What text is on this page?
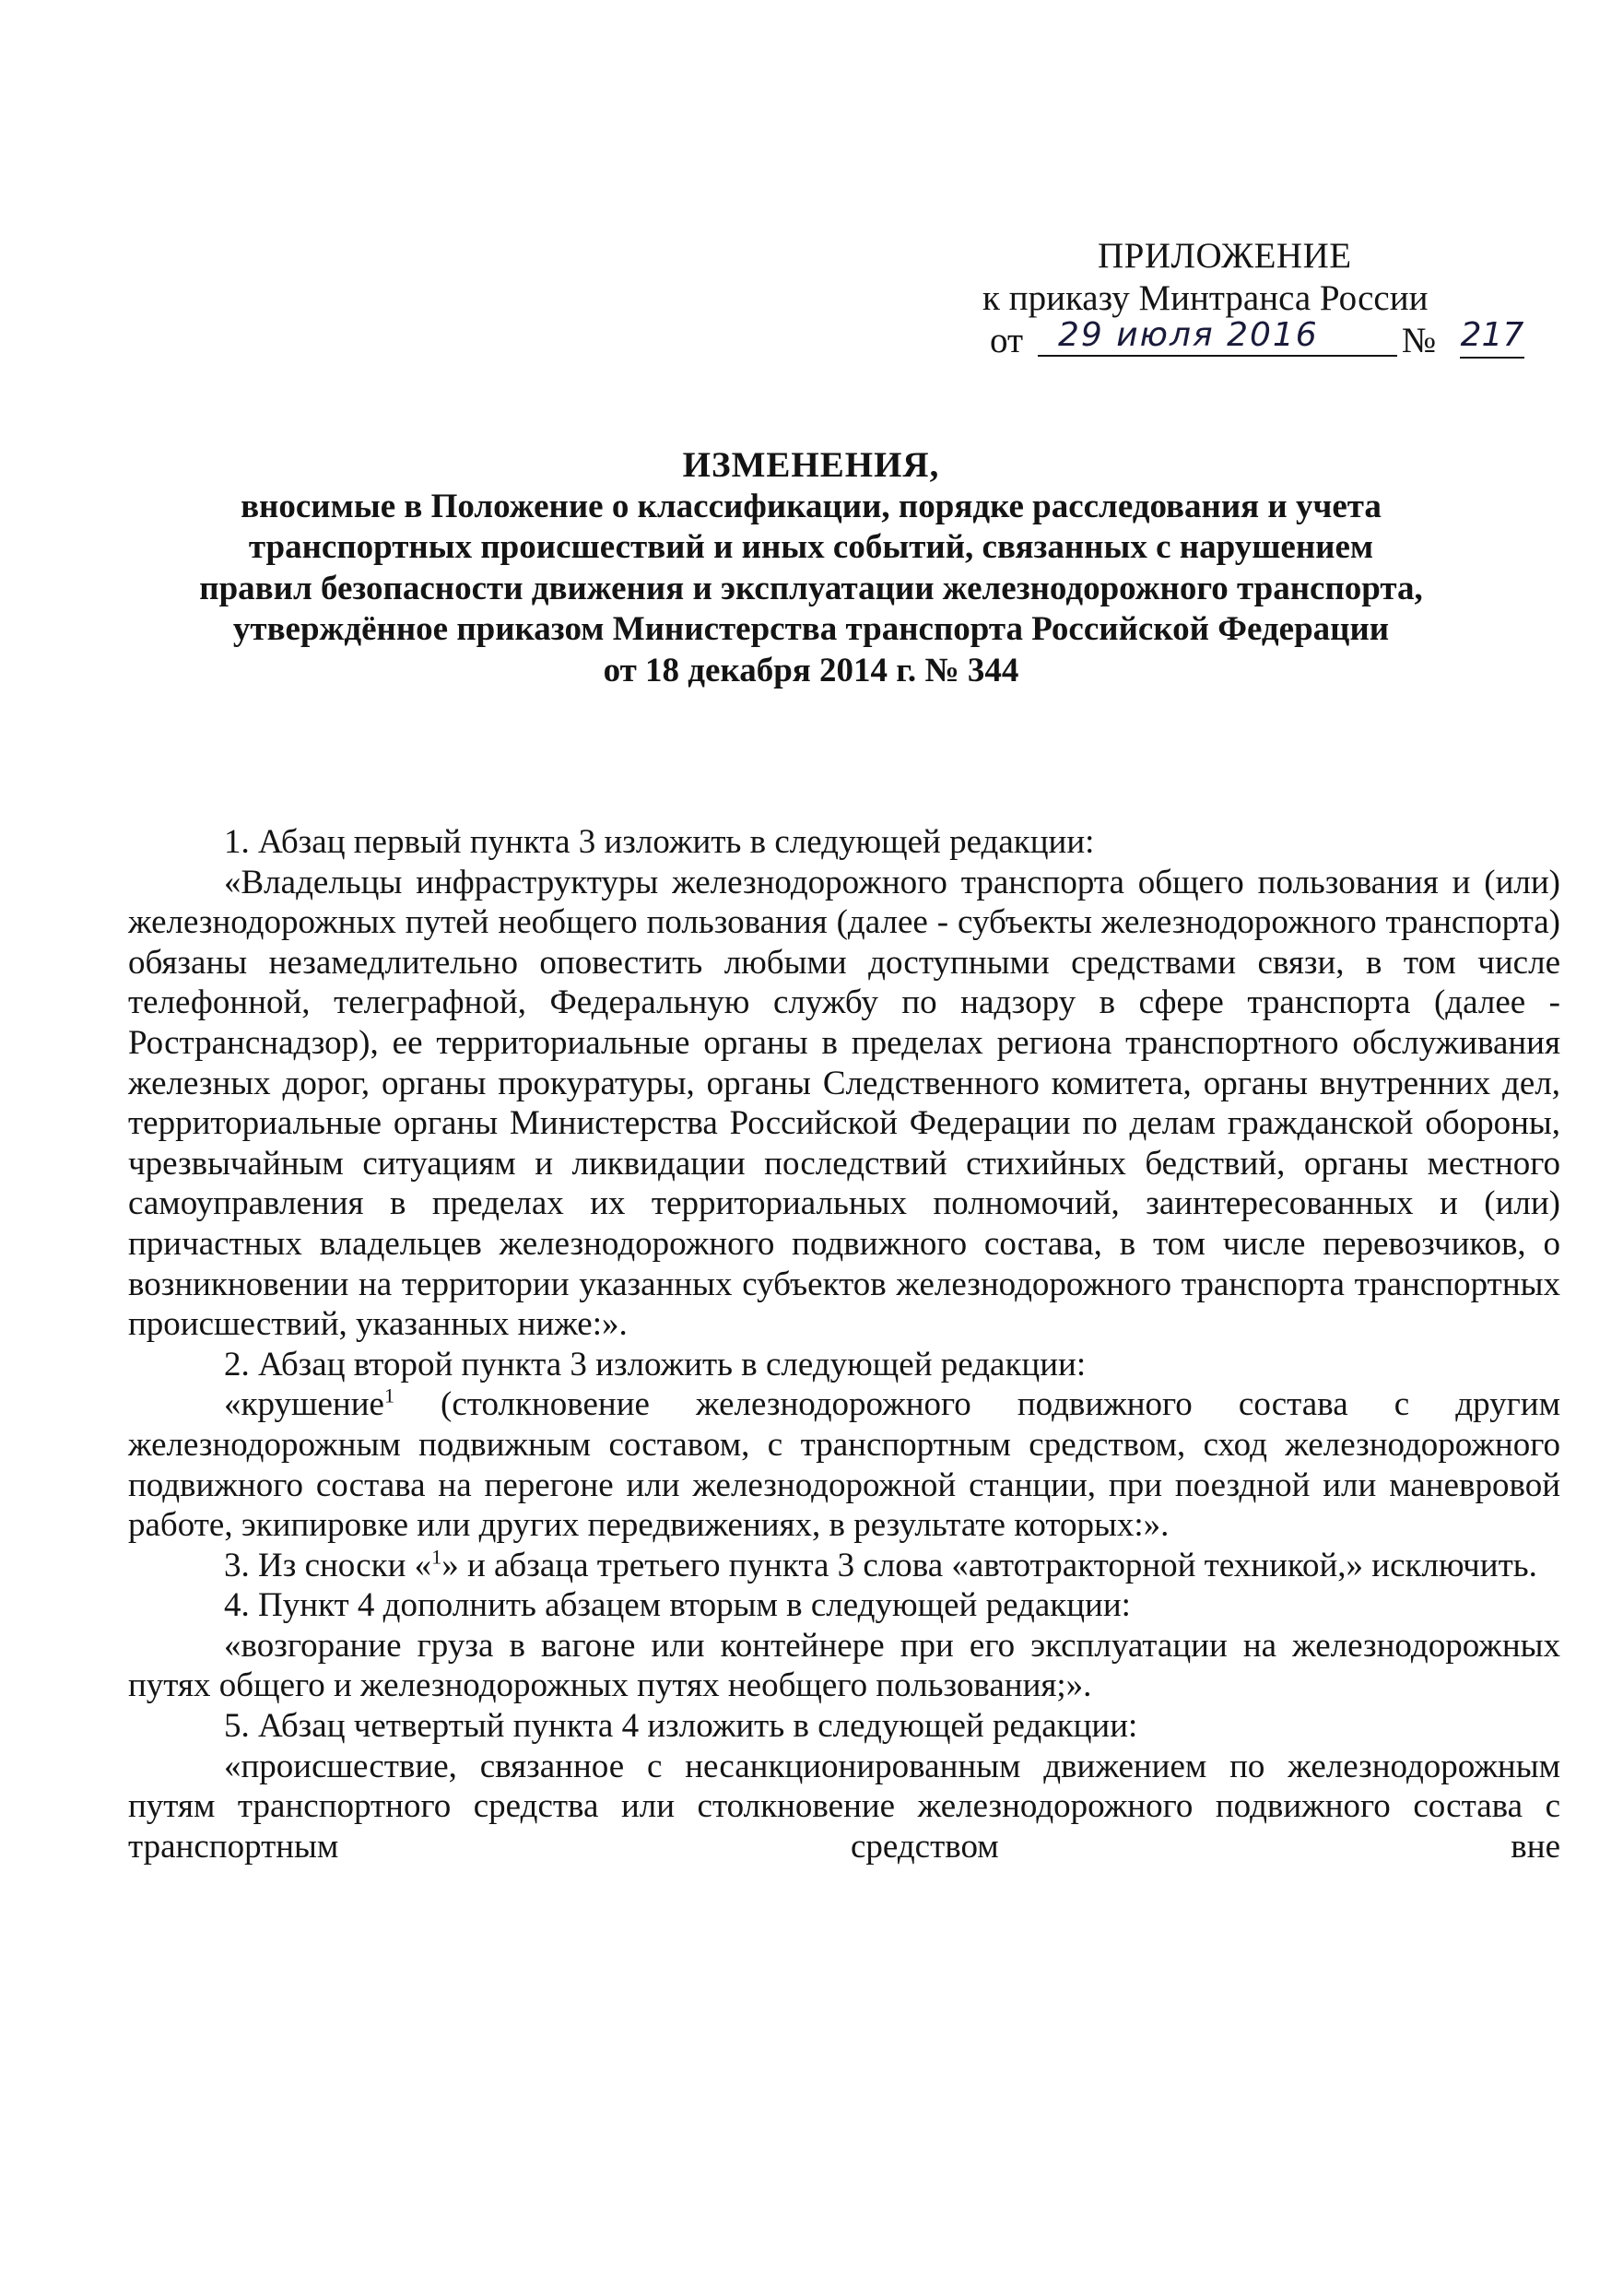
ПРИЛОЖЕНИЕ
к приказу Минтранса России
от	29 июля 2016	№ 217
ИЗМЕНЕНИЯ,
вносимые в Положение о классификации, порядке расследования и учета
транспортных происшествий и иных событий, связанных с нарушением
правил безопасности движения и эксплуатации железнодорожного транспорта,
утверждённое приказом Министерства транспорта Российской Федерации
от 18 декабря 2014 г. № 344

1. Абзац первый пункта 3 изложить в следующей редакции:

«Владельцы инфраструктуры железнодорожного транспорта общего пользования и (или) железнодорожных путей необщего пользования (далее - субъекты железнодорожного транспорта) обязаны незамедлительно оповестить любыми доступными средствами связи, в том числе телефонной, телеграфной, Федеральную службу по надзору в сфере транспорта (далее - Ространснадзор), ее территориальные органы в пределах региона транспортного обслуживания железных дорог, органы прокуратуры, органы Следственного комитета, органы внутренних дел, территориальные органы Министерства Российской Федерации по делам гражданской обороны, чрезвычайным ситуациям и ликвидации последствий стихийных бедствий, органы местного самоуправления в пределах их территориальных полномочий, заинтересованных и (или) причастных владельцев железнодорожного подвижного состава, в том числе перевозчиков, о возникновении на территории указанных субъектов железнодорожного транспорта транспортных происшествий, указанных ниже:».

2. Абзац второй пункта 3 изложить в следующей редакции:

«крушение$^1$ (столкновение железнодорожного подвижного состава с другим железнодорожным подвижным составом, с транспортным средством, сход железнодорожного подвижного состава на перегоне или железнодорожной станции, при поездной или маневровой работе, экипировке или других передвижениях, в результате которых:».

3. Из сноски «$^1$» и абзаца третьего пункта 3 слова «автотракторной техникой,» исключить.

4. Пункт 4 дополнить абзацем вторым в следующей редакции:

«возгорание груза в вагоне или контейнере при его эксплуатации на железнодорожных путях общего и железнодорожных путях необщего пользования;».

5. Абзац четвертый пункта 4 изложить в следующей редакции:

«происшествие, связанное с несанкционированным движением по железнодорожным путям транспортного средства или столкновение железнодорожного подвижного состава с транспортным средством вне
